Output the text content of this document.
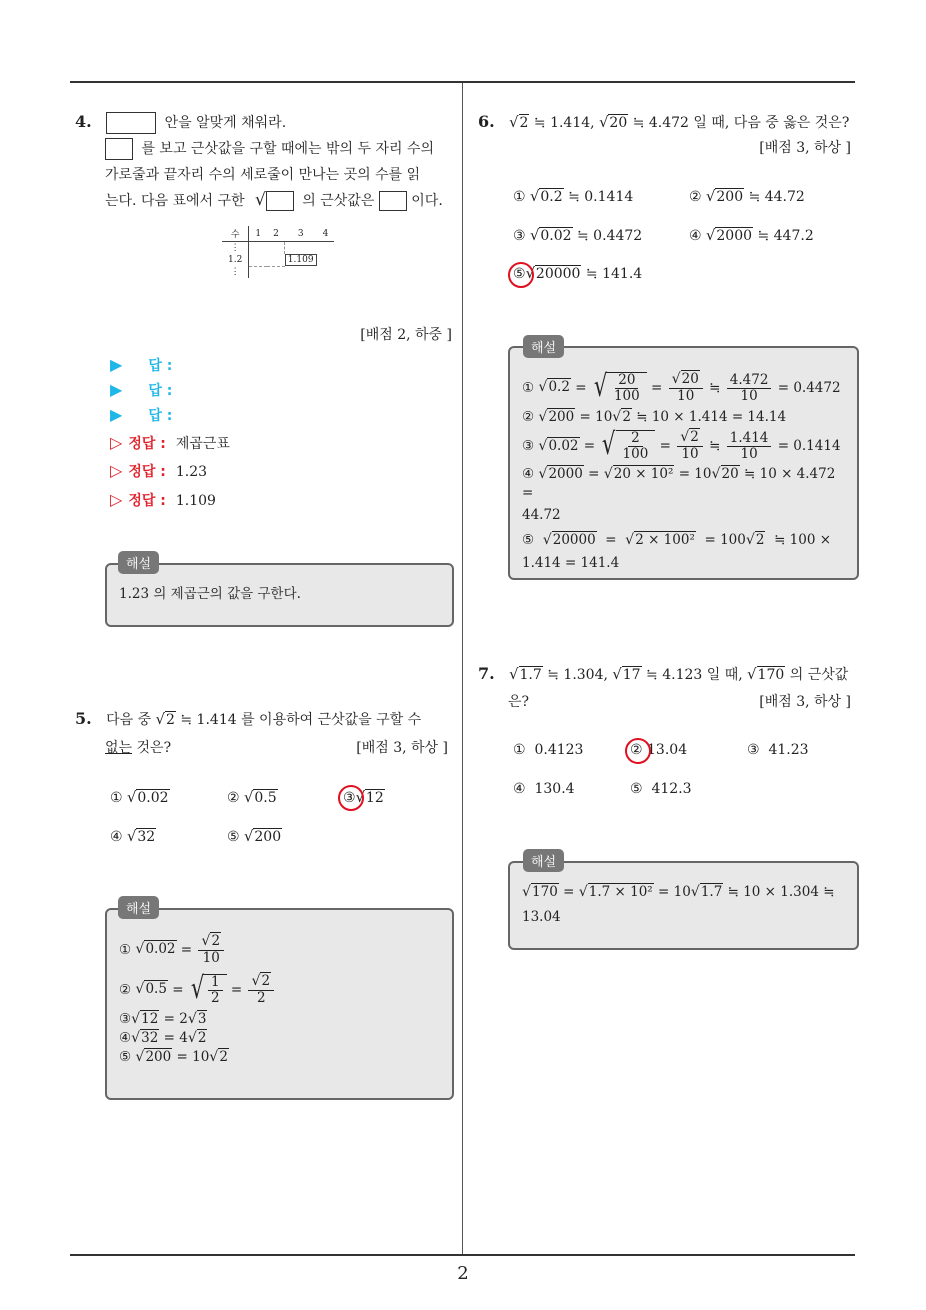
2
4.	안을 알맞게 채워라.
를 보고 근삿값을 구할 때에는 밖의 두 자리 수의
가로줄과 끝자리 수의 세로줄이 만나는 곳의 수를 읽
는다. 다음 표에서 구한 √	의 근삿값은	이다.
수	1	2	3	4
⋮				
1.2			1.109	
⋮				
[배점 2, 하중 ]
▶ 답 :
▶ 답 :
▶ 답 :
▷ 정답 : 제곱근표
▷ 정답 : 1.23
▷ 정답 : 1.109
1.23 의 제곱근의 값을 구한다.
해설
5. 다음 중 √2 ≒ 1.414 를 이용하여 근삿값을 구할 수
없는 것은?	[배점 3, 하상 ]
① √0.02	② √0.5	③√12
④ √32	⑤ √200
①
$√0.02 = \frac{√2}{10}$
②
√0.5 = √ $\frac{1}{2} = \frac{√2}{2}$
③√12 = 2√3
④√32 = 4√2
⑤ √200 = 10√2
해설
6. √2 ≒ 1.414, √20 ≒ 4.472 일 때, 다음 중 옳은 것은?
[배점 3, 하상 ]
① √0.2 ≒ 0.1414	② √200 ≒ 44.72
③ √0.02 ≒ 0.4472	④ √2000 ≒ 447.2
⑤√20000 ≒ 141.4
①
√0.2 = √ $\frac{20}{100} = \frac{√20}{10}$ ≒ $\frac{4.472}{10}$
= 0.4472
② √200 = 10√2 ≒ 10 × 1.414 = 14.14
③
√0.02 = √ $\frac{2}{100} = \frac{√2}{10}$ ≒ $\frac{1.414}{10}$
= 0.1414
④ √2000 = √20 × 10² = 10√20 ≒ 10 × 4.472 =
44.72
⑤ √20000  =  √2 × 100² = 100√2 ≒ 100 ×
1.414 = 141.4
해설
7. √1.7 ≒ 1.304, √17 ≒ 4.123 일 때, √170 의 근삿값
은?	[배점 3, 하상 ]
① 0.4123	② 13.04	③ 41.23
④ 130.4	⑤ 412.3
√170 = √1.7 × 10² = 10√1.7 ≒ 10 × 1.304 ≒
13.04
해설
